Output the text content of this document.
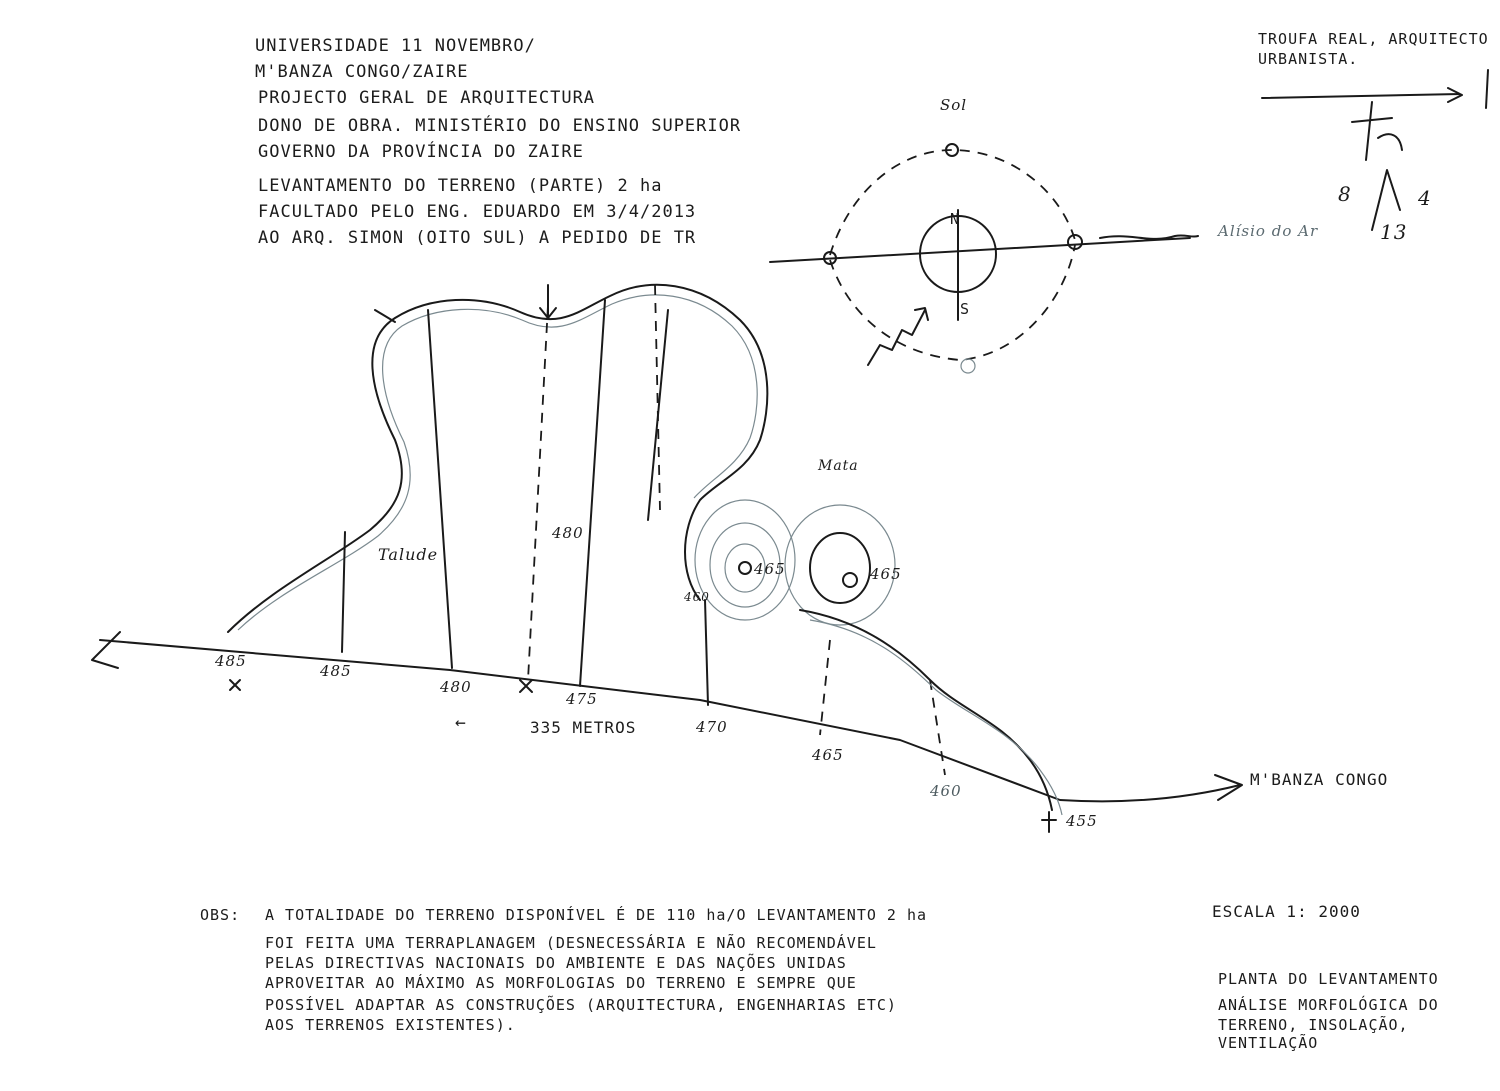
UNIVERSIDADE 11 NOVEMBRO/
M'BANZA CONGO/ZAIRE
PROJECTO GERAL DE ARQUITECTURA
DONO DE OBRA. MINISTÉRIO DO ENSINO SUPERIOR
GOVERNO DA PROVÍNCIA DO ZAIRE
LEVANTAMENTO DO TERRENO (PARTE) 2 ha
FACULTADO PELO ENG. EDUARDO EM 3/4/2013
AO ARQ. SIMON (OITO SUL) A PEDIDO DE TR
TROUFA REAL, ARQUITECTO
URBANISTA.
Sol
N
S
8	4
13
Alísio do Ar
Talude
Mata
480
465	465
460
485
485
480
475
470
465
460
455
←	335 METROS
M'BANZA CONGO
OBS: A TOTALIDADE DO TERRENO DISPONÍVEL É DE 110 ha/O LEVANTAMENTO 2 ha
FOI FEITA UMA TERRAPLANAGEM (DESNECESSÁRIA E NÃO RECOMENDÁVEL
PELAS DIRECTIVAS NACIONAIS DO AMBIENTE E DAS NAÇÕES UNIDAS
APROVEITAR AO MÁXIMO AS MORFOLOGIAS DO TERRENO E SEMPRE QUE
POSSÍVEL ADAPTAR AS CONSTRUÇÕES (ARQUITECTURA, ENGENHARIAS ETC)
AOS TERRENOS EXISTENTES).
ESCALA 1: 2000
PLANTA DO LEVANTAMENTO
ANÁLISE MORFOLÓGICA DO
TERRENO, INSOLAÇÃO,
VENTILAÇÃO
